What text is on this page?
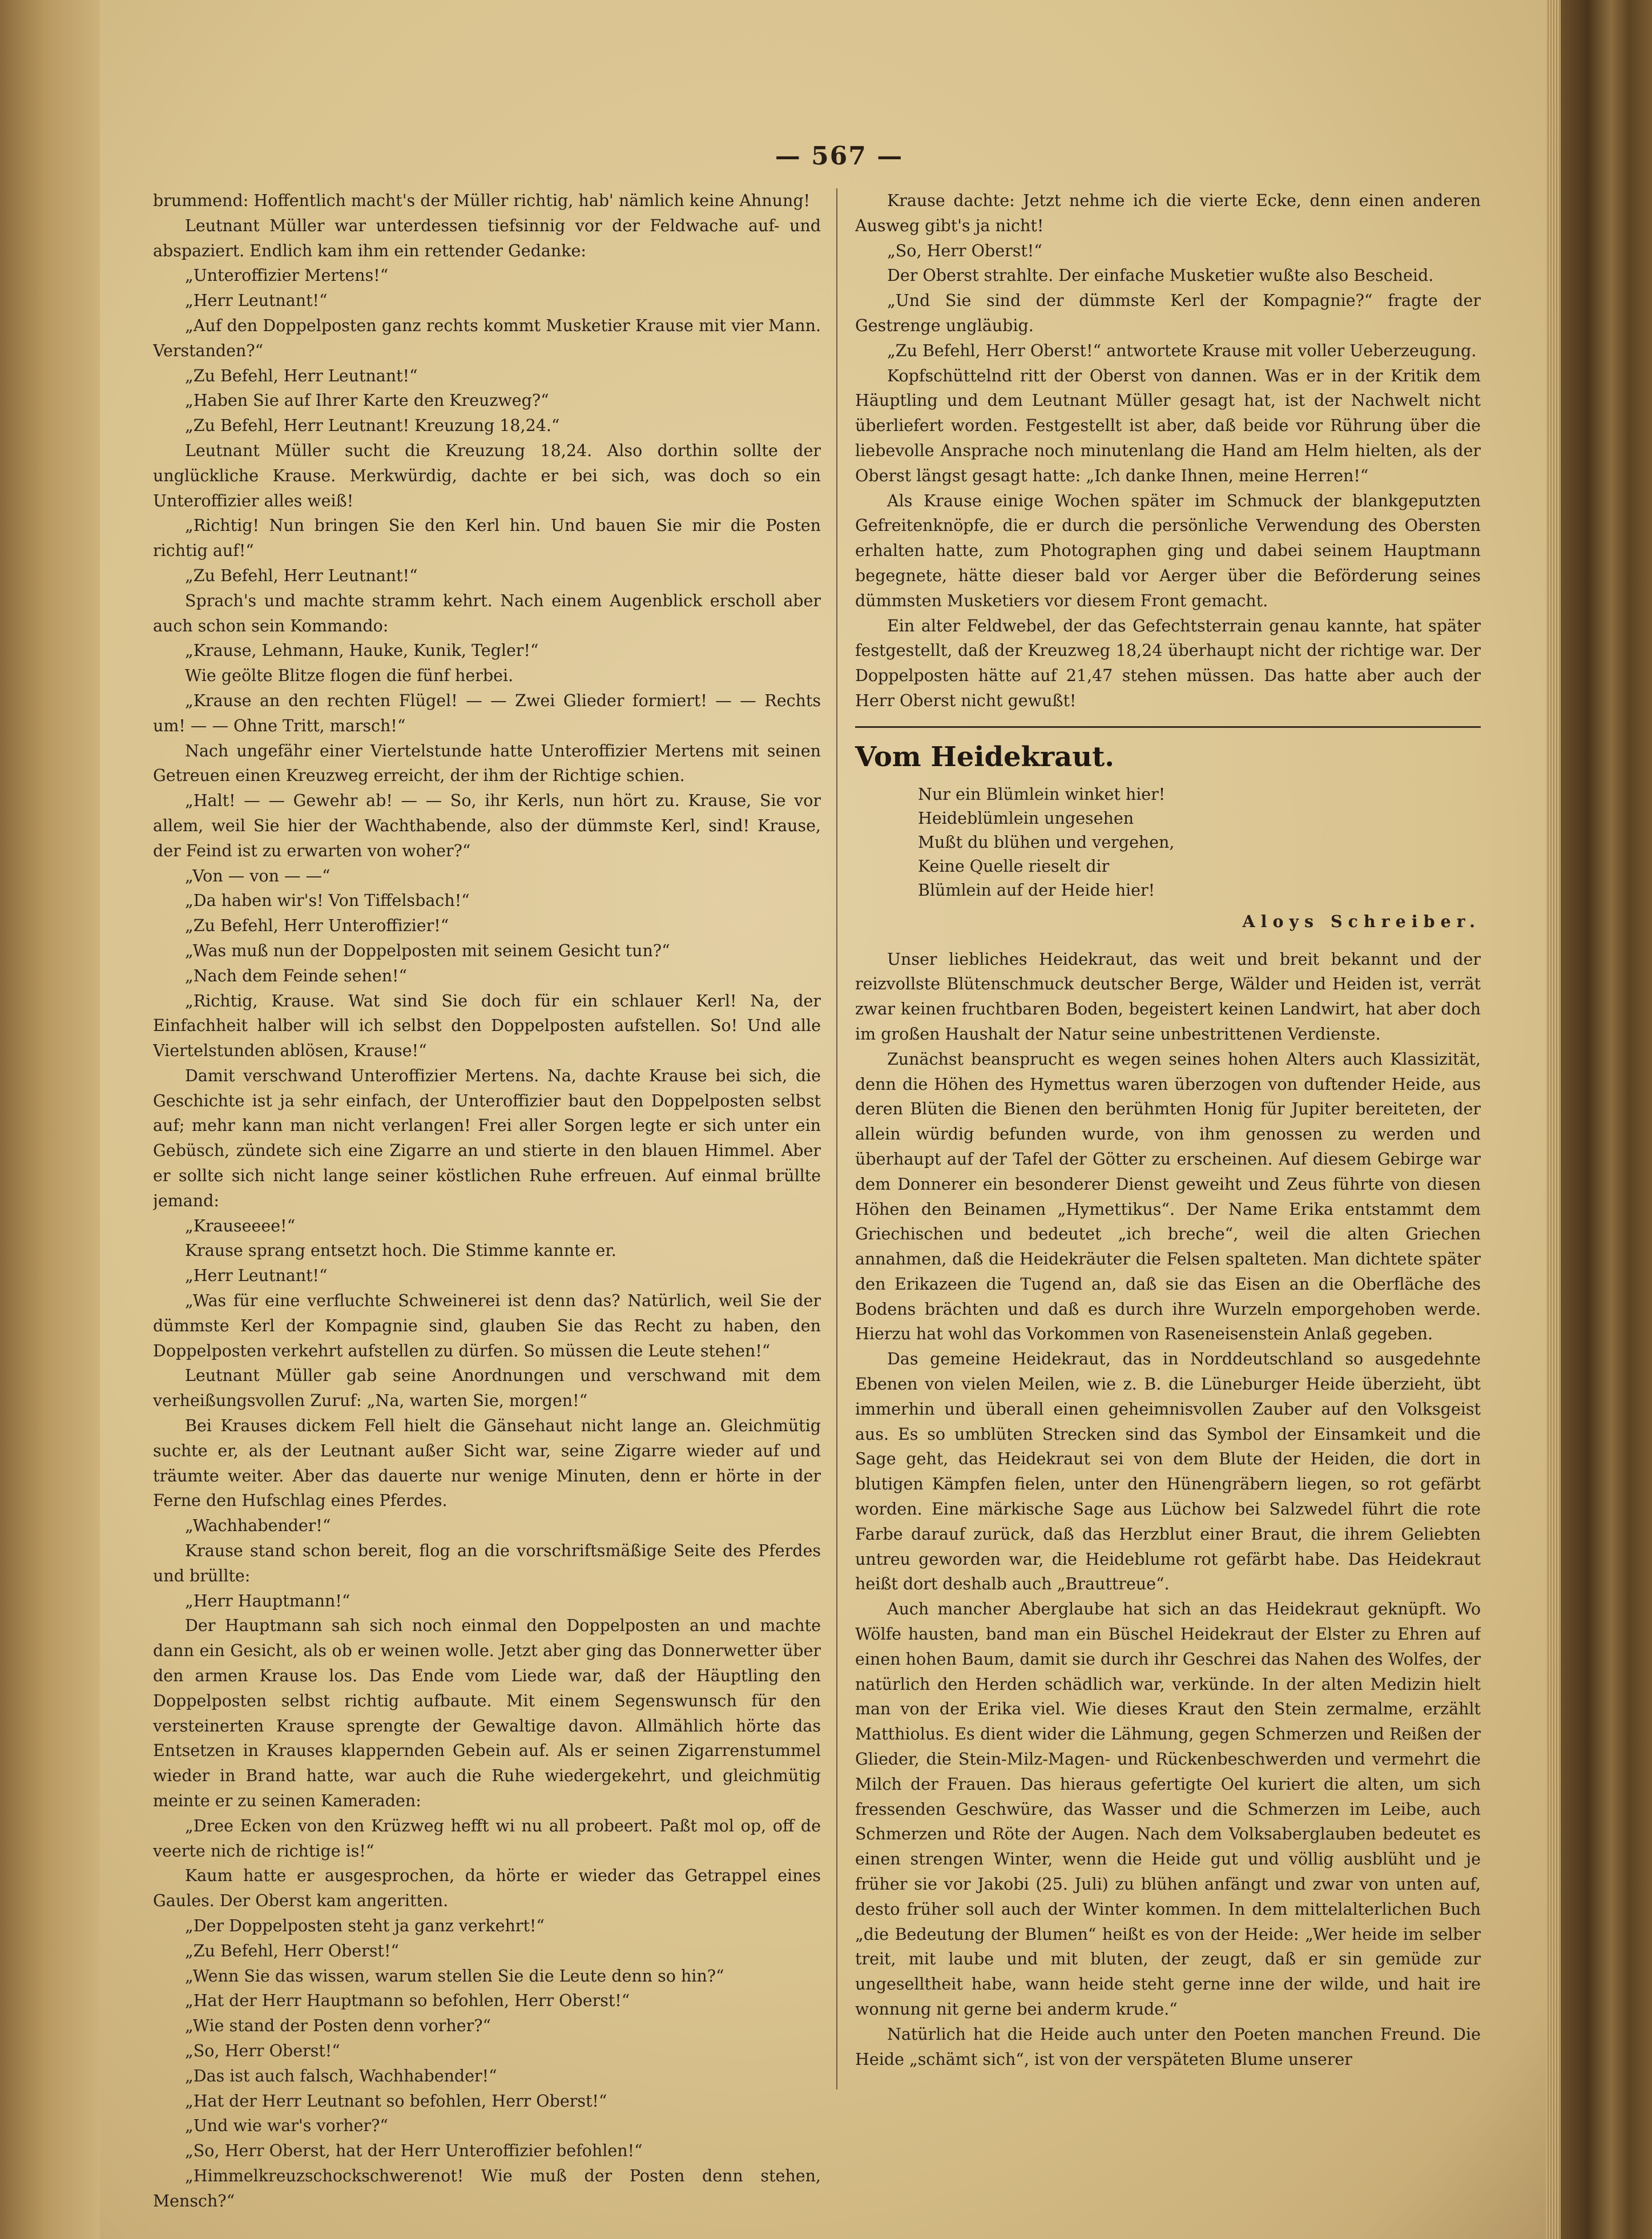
— 567 —

brummend: Hoffentlich macht's der Müller richtig, hab' nämlich keine Ahnung!

Leutnant Müller war unterdessen tiefsinnig vor der Feldwache auf- und abspaziert. Endlich kam ihm ein rettender Gedanke:

„Unteroffizier Mertens!“

„Herr Leutnant!“

„Auf den Doppelposten ganz rechts kommt Musketier Krause mit vier Mann. Verstanden?“

„Zu Befehl, Herr Leutnant!“

„Haben Sie auf Ihrer Karte den Kreuzweg?“

„Zu Befehl, Herr Leutnant! Kreuzung 18,24.“

Leutnant Müller sucht die Kreuzung 18,24. Also dorthin sollte der unglückliche Krause. Merkwürdig, dachte er bei sich, was doch so ein Unteroffizier alles weiß!

„Richtig! Nun bringen Sie den Kerl hin. Und bauen Sie mir die Posten richtig auf!“

„Zu Befehl, Herr Leutnant!“

Sprach's und machte stramm kehrt. Nach einem Augenblick erscholl aber auch schon sein Kommando:

„Krause, Lehmann, Hauke, Kunik, Tegler!“

Wie geölte Blitze flogen die fünf herbei.

„Krause an den rechten Flügel! — — Zwei Glieder formiert! — — Rechts um! — — Ohne Tritt, marsch!“

Nach ungefähr einer Viertelstunde hatte Unteroffizier Mertens mit seinen Getreuen einen Kreuzweg erreicht, der ihm der Richtige schien.

„Halt! — — Gewehr ab! — — So, ihr Kerls, nun hört zu. Krause, Sie vor allem, weil Sie hier der Wachthabende, also der dümmste Kerl, sind! Krause, der Feind ist zu erwarten von woher?“

„Von — von — —“

„Da haben wir's! Von Tiffelsbach!“

„Zu Befehl, Herr Unteroffizier!“

„Was muß nun der Doppelposten mit seinem Gesicht tun?“

„Nach dem Feinde sehen!“

„Richtig, Krause. Wat sind Sie doch für ein schlauer Kerl! Na, der Einfachheit halber will ich selbst den Doppelposten aufstellen. So! Und alle Viertelstunden ablösen, Krause!“

Damit verschwand Unteroffizier Mertens. Na, dachte Krause bei sich, die Geschichte ist ja sehr einfach, der Unteroffizier baut den Doppelposten selbst auf; mehr kann man nicht verlangen! Frei aller Sorgen legte er sich unter ein Gebüsch, zündete sich eine Zigarre an und stierte in den blauen Himmel. Aber er sollte sich nicht lange seiner köstlichen Ruhe erfreuen. Auf einmal brüllte jemand:

„Krauseeee!“

Krause sprang entsetzt hoch. Die Stimme kannte er.

„Herr Leutnant!“

„Was für eine verfluchte Schweinerei ist denn das? Natürlich, weil Sie der dümmste Kerl der Kompagnie sind, glauben Sie das Recht zu haben, den Doppelposten verkehrt aufstellen zu dürfen. So müssen die Leute stehen!“

Leutnant Müller gab seine Anordnungen und verschwand mit dem verheißungsvollen Zuruf: „Na, warten Sie, morgen!“

Bei Krauses dickem Fell hielt die Gänsehaut nicht lange an. Gleichmütig suchte er, als der Leutnant außer Sicht war, seine Zigarre wieder auf und träumte weiter. Aber das dauerte nur wenige Minuten, denn er hörte in der Ferne den Hufschlag eines Pferdes.

„Wachhabender!“

Krause stand schon bereit, flog an die vorschriftsmäßige Seite des Pferdes und brüllte:

„Herr Hauptmann!“

Der Hauptmann sah sich noch einmal den Doppelposten an und machte dann ein Gesicht, als ob er weinen wolle. Jetzt aber ging das Donnerwetter über den armen Krause los. Das Ende vom Liede war, daß der Häuptling den Doppelposten selbst richtig aufbaute. Mit einem Segenswunsch für den versteinerten Krause sprengte der Gewaltige davon. Allmählich hörte das Entsetzen in Krauses klappernden Gebein auf. Als er seinen Zigarrenstummel wieder in Brand hatte, war auch die Ruhe wiedergekehrt, und gleichmütig meinte er zu seinen Kameraden:

„Dree Ecken von den Krüzweg hefft wi nu all probeert. Paßt mol op, off de veerte nich de richtige is!“

Kaum hatte er ausgesprochen, da hörte er wieder das Getrappel eines Gaules. Der Oberst kam angeritten.

„Der Doppelposten steht ja ganz verkehrt!“

„Zu Befehl, Herr Oberst!“

„Wenn Sie das wissen, warum stellen Sie die Leute denn so hin?“

„Hat der Herr Hauptmann so befohlen, Herr Oberst!“

„Wie stand der Posten denn vorher?“

„So, Herr Oberst!“

„Das ist auch falsch, Wachhabender!“

„Hat der Herr Leutnant so befohlen, Herr Oberst!“

„Und wie war's vorher?“

„So, Herr Oberst, hat der Herr Unteroffizier befohlen!“

„Himmelkreuzschockschwerenot! Wie muß der Posten denn stehen, Mensch?“

Krause dachte: Jetzt nehme ich die vierte Ecke, denn einen anderen Ausweg gibt's ja nicht!

„So, Herr Oberst!“

Der Oberst strahlte. Der einfache Musketier wußte also Bescheid.

„Und Sie sind der dümmste Kerl der Kompagnie?“ fragte der Gestrenge ungläubig.

„Zu Befehl, Herr Oberst!“ antwortete Krause mit voller Ueberzeugung.

Kopfschüttelnd ritt der Oberst von dannen. Was er in der Kritik dem Häuptling und dem Leutnant Müller gesagt hat, ist der Nachwelt nicht überliefert worden. Festgestellt ist aber, daß beide vor Rührung über die liebevolle Ansprache noch minutenlang die Hand am Helm hielten, als der Oberst längst gesagt hatte: „Ich danke Ihnen, meine Herren!“

Als Krause einige Wochen später im Schmuck der blankgeputzten Gefreitenknöpfe, die er durch die persönliche Verwendung des Obersten erhalten hatte, zum Photographen ging und dabei seinem Hauptmann begegnete, hätte dieser bald vor Aerger über die Beförderung seines dümmsten Musketiers vor diesem Front gemacht.

Ein alter Feldwebel, der das Gefechtsterrain genau kannte, hat später festgestellt, daß der Kreuzweg 18,24 überhaupt nicht der richtige war. Der Doppelposten hätte auf 21,47 stehen müssen. Das hatte aber auch der Herr Oberst nicht gewußt!

Vom Heidekraut.
Nur ein Blümlein winket hier!
Heideblümlein ungesehen
Mußt du blühen und vergehen,
Keine Quelle rieselt dir
Blümlein auf der Heide hier!
Aloys Schreiber.

Unser liebliches Heidekraut, das weit und breit bekannt und der reizvollste Blütenschmuck deutscher Berge, Wälder und Heiden ist, verrät zwar keinen fruchtbaren Boden, begeistert keinen Landwirt, hat aber doch im großen Haushalt der Natur seine unbestrittenen Verdienste.

Zunächst beansprucht es wegen seines hohen Alters auch Klassizität, denn die Höhen des Hymettus waren überzogen von duftender Heide, aus deren Blüten die Bienen den berühmten Honig für Jupiter bereiteten, der allein würdig befunden wurde, von ihm genossen zu werden und überhaupt auf der Tafel der Götter zu erscheinen. Auf diesem Gebirge war dem Donnerer ein besonderer Dienst geweiht und Zeus führte von diesen Höhen den Beinamen „Hymettikus“. Der Name Erika entstammt dem Griechischen und bedeutet „ich breche“, weil die alten Griechen annahmen, daß die Heidekräuter die Felsen spalteten. Man dichtete später den Erikazeen die Tugend an, daß sie das Eisen an die Oberfläche des Bodens brächten und daß es durch ihre Wurzeln emporgehoben werde. Hierzu hat wohl das Vorkommen von Raseneisenstein Anlaß gegeben.

Das gemeine Heidekraut, das in Norddeutschland so ausgedehnte Ebenen von vielen Meilen, wie z. B. die Lüneburger Heide überzieht, übt immerhin und überall einen geheimnisvollen Zauber auf den Volksgeist aus. Es so umblüten Strecken sind das Symbol der Einsamkeit und die Sage geht, das Heidekraut sei von dem Blute der Heiden, die dort in blutigen Kämpfen fielen, unter den Hünengräbern liegen, so rot gefärbt worden. Eine märkische Sage aus Lüchow bei Salzwedel führt die rote Farbe darauf zurück, daß das Herzblut einer Braut, die ihrem Geliebten untreu geworden war, die Heideblume rot gefärbt habe. Das Heidekraut heißt dort deshalb auch „Brauttreue“.

Auch mancher Aberglaube hat sich an das Heidekraut geknüpft. Wo Wölfe hausten, band man ein Büschel Heidekraut der Elster zu Ehren auf einen hohen Baum, damit sie durch ihr Geschrei das Nahen des Wolfes, der natürlich den Herden schädlich war, verkünde. In der alten Medizin hielt man von der Erika viel. Wie dieses Kraut den Stein zermalme, erzählt Matthiolus. Es dient wider die Lähmung, gegen Schmerzen und Reißen der Glieder, die Stein-Milz-Magen- und Rückenbeschwerden und vermehrt die Milch der Frauen. Das hieraus gefertigte Oel kuriert die alten, um sich fressenden Geschwüre, das Wasser und die Schmerzen im Leibe, auch Schmerzen und Röte der Augen. Nach dem Volksaberglauben bedeutet es einen strengen Winter, wenn die Heide gut und völlig ausblüht und je früher sie vor Jakobi (25. Juli) zu blühen anfängt und zwar von unten auf, desto früher soll auch der Winter kommen. In dem mittelalterlichen Buch „die Bedeutung der Blumen“ heißt es von der Heide: „Wer heide im selber treit, mit laube und mit bluten, der zeugt, daß er sin gemüde zur ungeselltheit habe, wann heide steht gerne inne der wilde, und hait ire wonnung nit gerne bei anderm krude.“

Natürlich hat die Heide auch unter den Poeten manchen Freund. Die Heide „schämt sich“, ist von der verspäteten Blume unserer
